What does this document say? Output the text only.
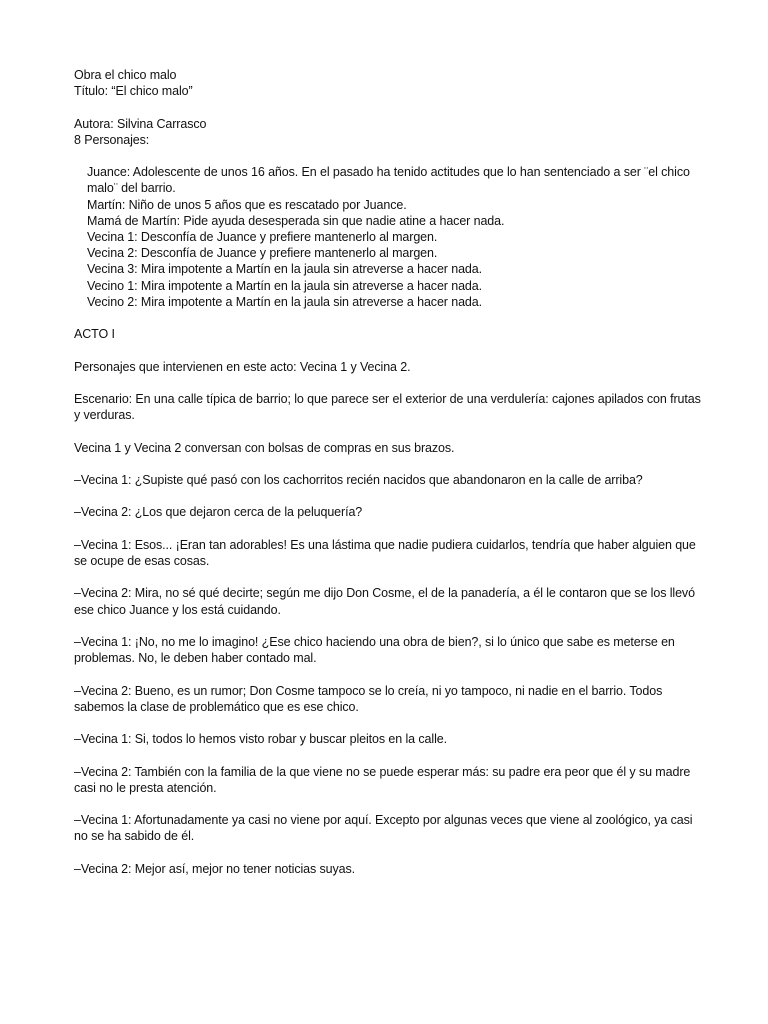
Obra el chico malo
Título: “El chico malo”
Autora: Silvina Carrasco
8 Personajes:
Juance: Adolescente de unos 16 años. En el pasado ha tenido actitudes que lo han sentenciado a ser ¨el chico malo¨ del barrio.
Martín: Niño de unos 5 años que es rescatado por Juance.
Mamá de Martín: Pide ayuda desesperada sin que nadie atine a hacer nada.
Vecina 1: Desconfía de Juance y prefiere mantenerlo al margen.
Vecina 2: Desconfía de Juance y prefiere mantenerlo al margen.
Vecina 3: Mira impotente a Martín en la jaula sin atreverse a hacer nada.
Vecino 1: Mira impotente a Martín en la jaula sin atreverse a hacer nada.
Vecino 2: Mira impotente a Martín en la jaula sin atreverse a hacer nada.
ACTO I
Personajes que intervienen en este acto: Vecina 1 y Vecina 2.
Escenario: En una calle típica de barrio; lo que parece ser el exterior de una verdulería: cajones apilados con frutas y verduras.
Vecina 1 y Vecina 2 conversan con bolsas de compras en sus brazos.
–Vecina 1: ¿Supiste qué pasó con los cachorritos recién nacidos que abandonaron en la calle de arriba?
–Vecina 2: ¿Los que dejaron cerca de la peluquería?
–Vecina 1: Esos... ¡Eran tan adorables! Es una lástima que nadie pudiera cuidarlos, tendría que haber alguien que se ocupe de esas cosas.
–Vecina 2: Mira, no sé qué decirte; según me dijo Don Cosme, el de la panadería, a él le contaron que se los llevó ese chico Juance y los está cuidando.
–Vecina 1: ¡No, no me lo imagino! ¿Ese chico haciendo una obra de bien?, si lo único que sabe es meterse en problemas. No, le deben haber contado mal.
–Vecina 2: Bueno, es un rumor; Don Cosme tampoco se lo creía, ni yo tampoco, ni nadie en el barrio. Todos sabemos la clase de problemático que es ese chico.
–Vecina 1: Si, todos lo hemos visto robar y buscar pleitos en la calle.
–Vecina 2: También con la familia de la que viene no se puede esperar más: su padre era peor que él y su madre casi no le presta atención.
–Vecina 1: Afortunadamente ya casi no viene por aquí. Excepto por algunas veces que viene al zoológico, ya casi no se ha sabido de él.
–Vecina 2: Mejor así, mejor no tener noticias suyas.
